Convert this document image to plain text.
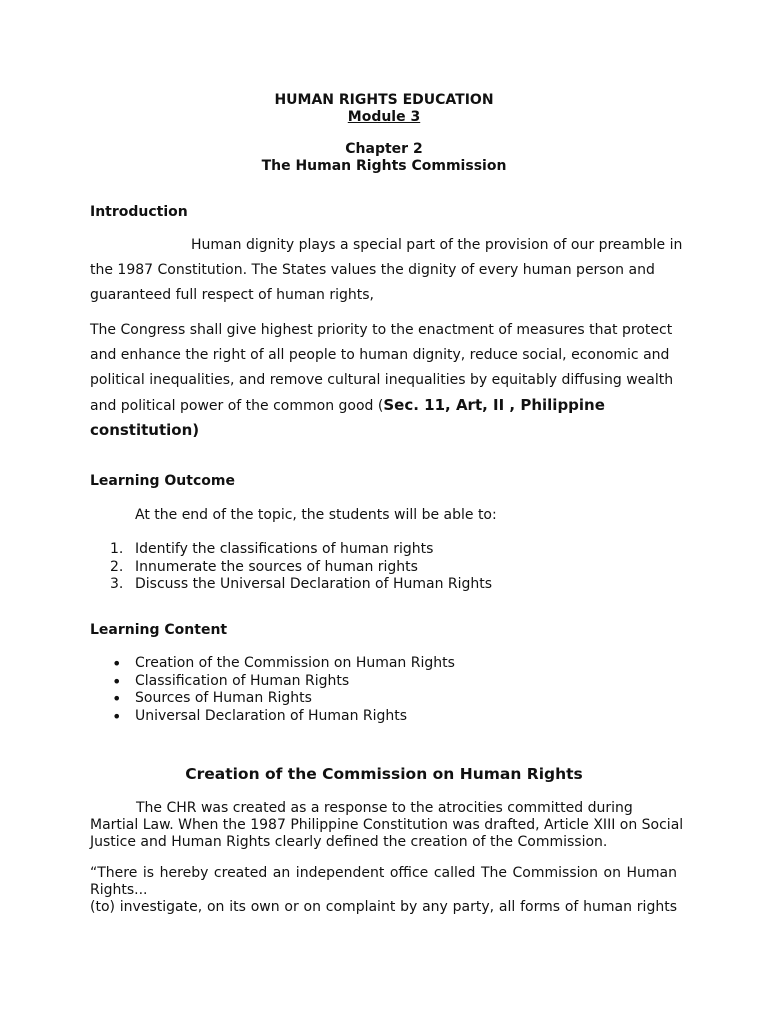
HUMAN RIGHTS EDUCATION

Module 3

Chapter 2

The Human Rights Commission

Introduction

Human dignity plays a special part of the provision of our preamble in

the 1987 Constitution. The States values the dignity of every human person and

guaranteed full respect of human rights,

The Congress shall give highest priority to the enactment of measures that protect

and enhance the right of all people to human dignity, reduce social, economic and

political inequalities, and remove cultural inequalities by equitably diffusing wealth

and political power of the common good (Sec. 11, Art, II , Philippine

constitution)

Learning Outcome

At the end of the topic, the students will be able to:

1. Identify the classifications of human rights
2. Innumerate the sources of human rights
3. Discuss the Universal Declaration of Human Rights

Learning Content

• Creation of the Commission on Human Rights
• Classification of Human Rights
• Sources of Human Rights
• Universal Declaration of Human Rights

Creation of the Commission on Human Rights

The CHR was created as a response to the atrocities committed during

Martial Law. When the 1987 Philippine Constitution was drafted, Article XIII on Social

Justice and Human Rights clearly defined the creation of the Commission.

“There is hereby created an independent office called The Commission on Human

Rights...

(to) investigate, on its own or on complaint by any party, all forms of human rights
